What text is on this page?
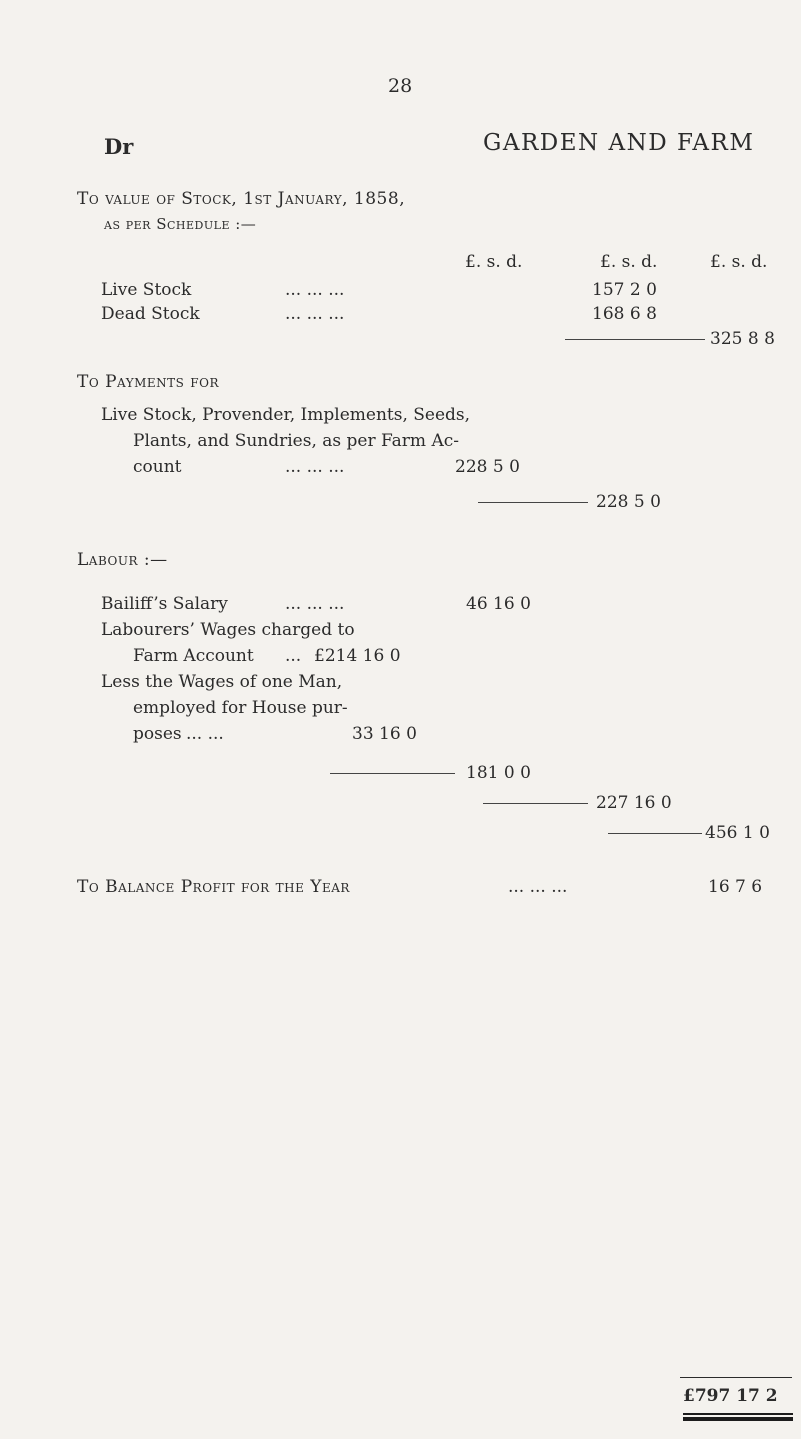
28
Dr	GARDEN AND FARM
To value of Stock, 1st January, 1858,
as per Schedule :—
£. s. d.	£. s. d.	£. s. d.
Live Stock	... ... ...	157 2 0
Dead Stock	... ... ...	168 6 8
325 8 8
To Payments for
Live Stock, Provender, Implements, Seeds,
Plants, and Sundries, as per Farm Ac-
count	... ... ...	228 5 0
228 5 0
Labour :—
Bailiff’s Salary	... ... ...	46 16 0
Labourers’ Wages charged to
Farm Account ... £214 16 0
Less the Wages of one Man,
employed for House pur-
poses ... ...	33 16 0
181 0 0
227 16 0
456 1 0
To Balance Profit for the Year	... ... ...	16 7 6
£797 17 2
